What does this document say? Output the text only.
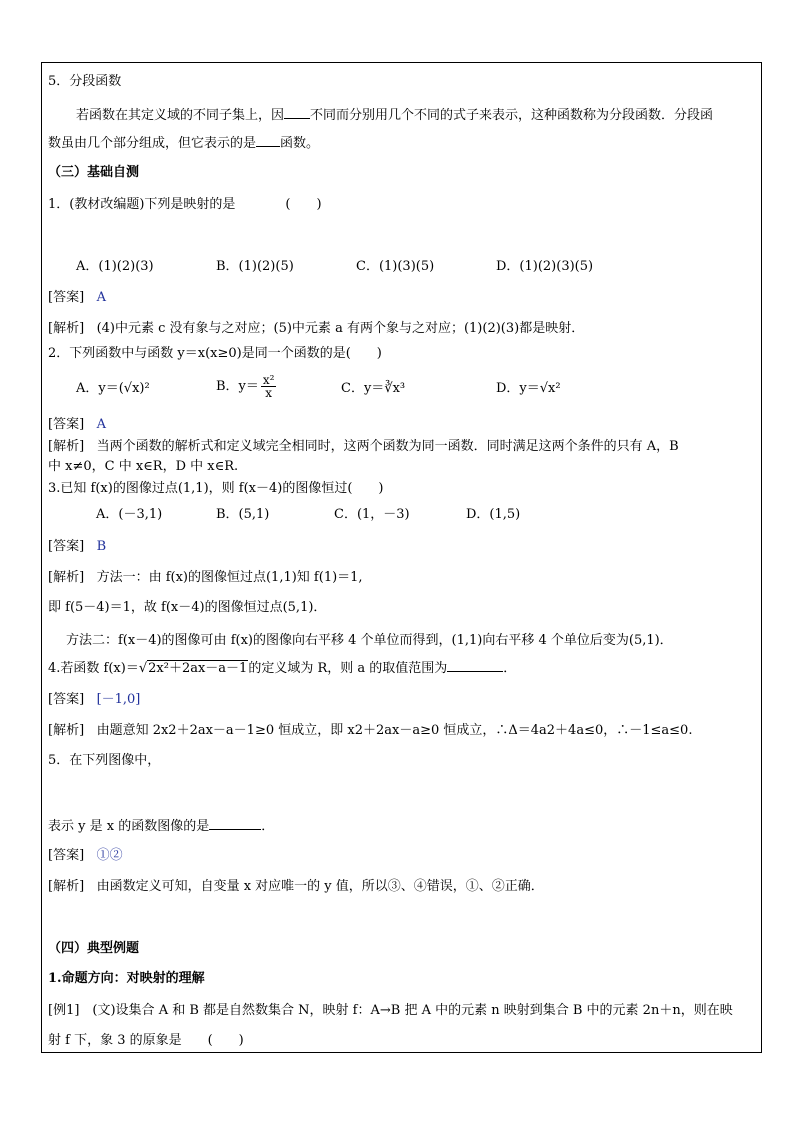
5．分段函数
若函数在其定义域的不同子集上，因 不同而分别用几个不同的式子来表示，这种函数称为分段函数．分段函
数虽由几个部分组成，但它表示的是 函数。
（三）基础自测
1．(教材改编题)下列是映射的是	(　　)
A．(1)(2)(3)	B．(1)(2)(5)	C．(1)(3)(5)	D．(1)(2)(3)(5)
[答案] A
[解析] (4)中元素 c 没有象与之对应；(5)中元素 a 有两个象与之对应；(1)(2)(3)都是映射．
2．下列函数中与函数 y＝x(x≥0)是同一个函数的是(　　)
A．y＝(√x)²	B．$y= \frac{\text{x²}}{x}$	C．y＝∛x³	D．y＝√x²
[答案] A
[解析] 当两个函数的解析式和定义域完全相同时，这两个函数为同一函数．同时满足这两个条件的只有 A，B
中 x≠0，C 中 x∈R，D 中 x∈R.
3.已知 f(x)的图像过点(1,1)，则 f(x－4)的图像恒过(　　)
A．(－3,1)	B．(5,1)	C．(1，－3)	D．(1,5)
[答案] B
[解析] 方法一：由 f(x)的图像恒过点(1,1)知 f(1)＝1,
即 f(5－4)＝1，故 f(x－4)的图像恒过点(5,1)．
方法二：f(x－4)的图像可由 f(x)的图像向右平移 4 个单位而得到，(1,1)向右平移 4 个单位后变为(5,1)．
4.若函数 f(x)＝√2x²＋2ax－a－1的定义域为 R，则 a 的取值范围为	．
[答案] [－1,0]
[解析] 由题意知 2x2＋2ax－a－1≥0 恒成立，即 x2＋2ax－a≥0 恒成立，∴Δ＝4a2＋4a≤0，∴－1≤a≤0.
5．在下列图像中，
表示 y 是 x 的函数图像的是	．
[答案] ①②
[解析] 由函数定义可知，自变量 x 对应唯一的 y 值，所以③、④错误，①、②正确．
（四）典型例题
1.命题方向：对映射的理解
[例1]　(文)设集合 A 和 B 都是自然数集合 N，映射 f：A→B 把 A 中的元素 n 映射到集合 B 中的元素 2n＋n，则在映
射 f 下，象 3 的原象是　　(　　)
